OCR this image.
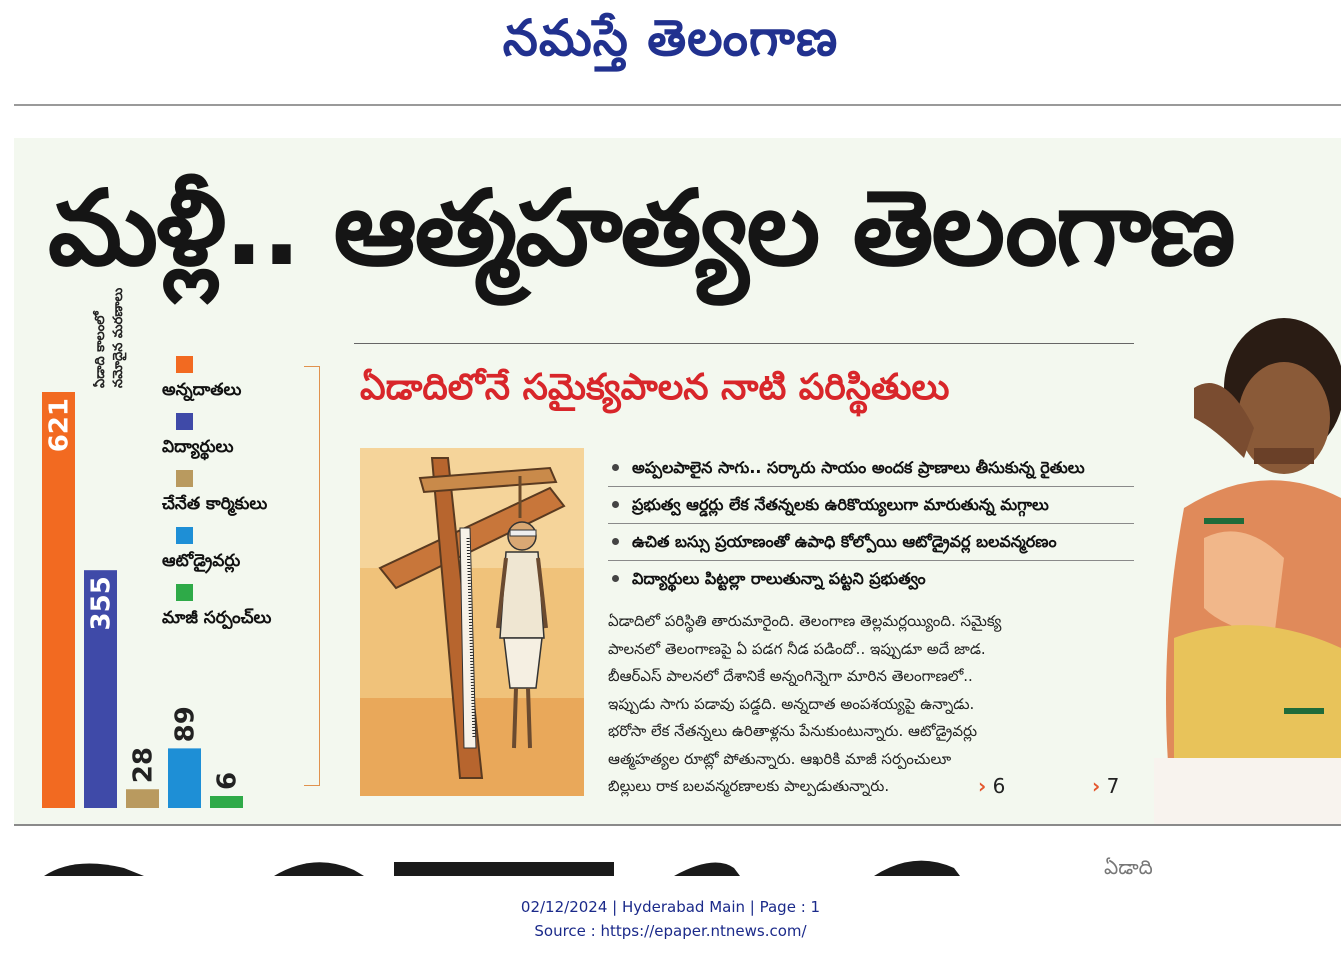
నమస్తే తెలంగాణ
మళ్లీ.. ఆత్మహత్యల తెలంగాణ
ఏడాదిలోనే సమైక్యపాలన నాటి పరిస్థితులు
621
355
28
89
6
ఏడాది కాలంలో నమోదైన మరణాలు
అన్నదాతలు
విద్యార్థులు
చేనేత కార్మికులు
ఆటోడ్రైవర్లు
మాజీ సర్పంచ్‌లు
అప్పలపాలైన సాగు.. సర్కారు సాయం అందక ప్రాణాలు తీసుకున్న రైతులు
ప్రభుత్వ ఆర్డర్లు లేక నేతన్నలకు ఉరికొయ్యలుగా మారుతున్న మగ్గాలు
ఉచిత బస్సు ప్రయాణంతో ఉపాధి కోల్పోయి ఆటోడ్రైవర్ల బలవన్మరణం
విద్యార్థులు పిట్టల్లా రాలుతున్నా పట్టని ప్రభుత్వం
ఏడాదిలో పరిస్థితి తారుమారైంది. తెలంగాణ తెల్లమర్లయ్యింది. సమైక్య
పాలనలో తెలంగాణపై ఏ పడగ నీడ పడిందో.. ఇప్పుడూ అదే జాడ.
బీఆర్ఎస్ పాలనలో దేశానికే అన్నంగిన్నెగా మారిన తెలంగాణలో..
ఇప్పుడు సాగు పడావు పడ్డది. అన్నదాత అంపశయ్యపై ఉన్నాడు.
భరోసా లేక నేతన్నలు ఉరితాళ్లను పేనుకుంటున్నారు. ఆటోడ్రైవర్లు
ఆత్మహత్యల రూట్లో పోతున్నారు. ఆఖరికి మాజీ సర్పంచులూ
బిల్లులు రాక బలవన్మరణాలకు పాల్పడుతున్నారు.	› 6	› 7
ఏడాది
02/12/2024 | Hyderabad Main | Page : 1
Source : https://epaper.ntnews.com/
